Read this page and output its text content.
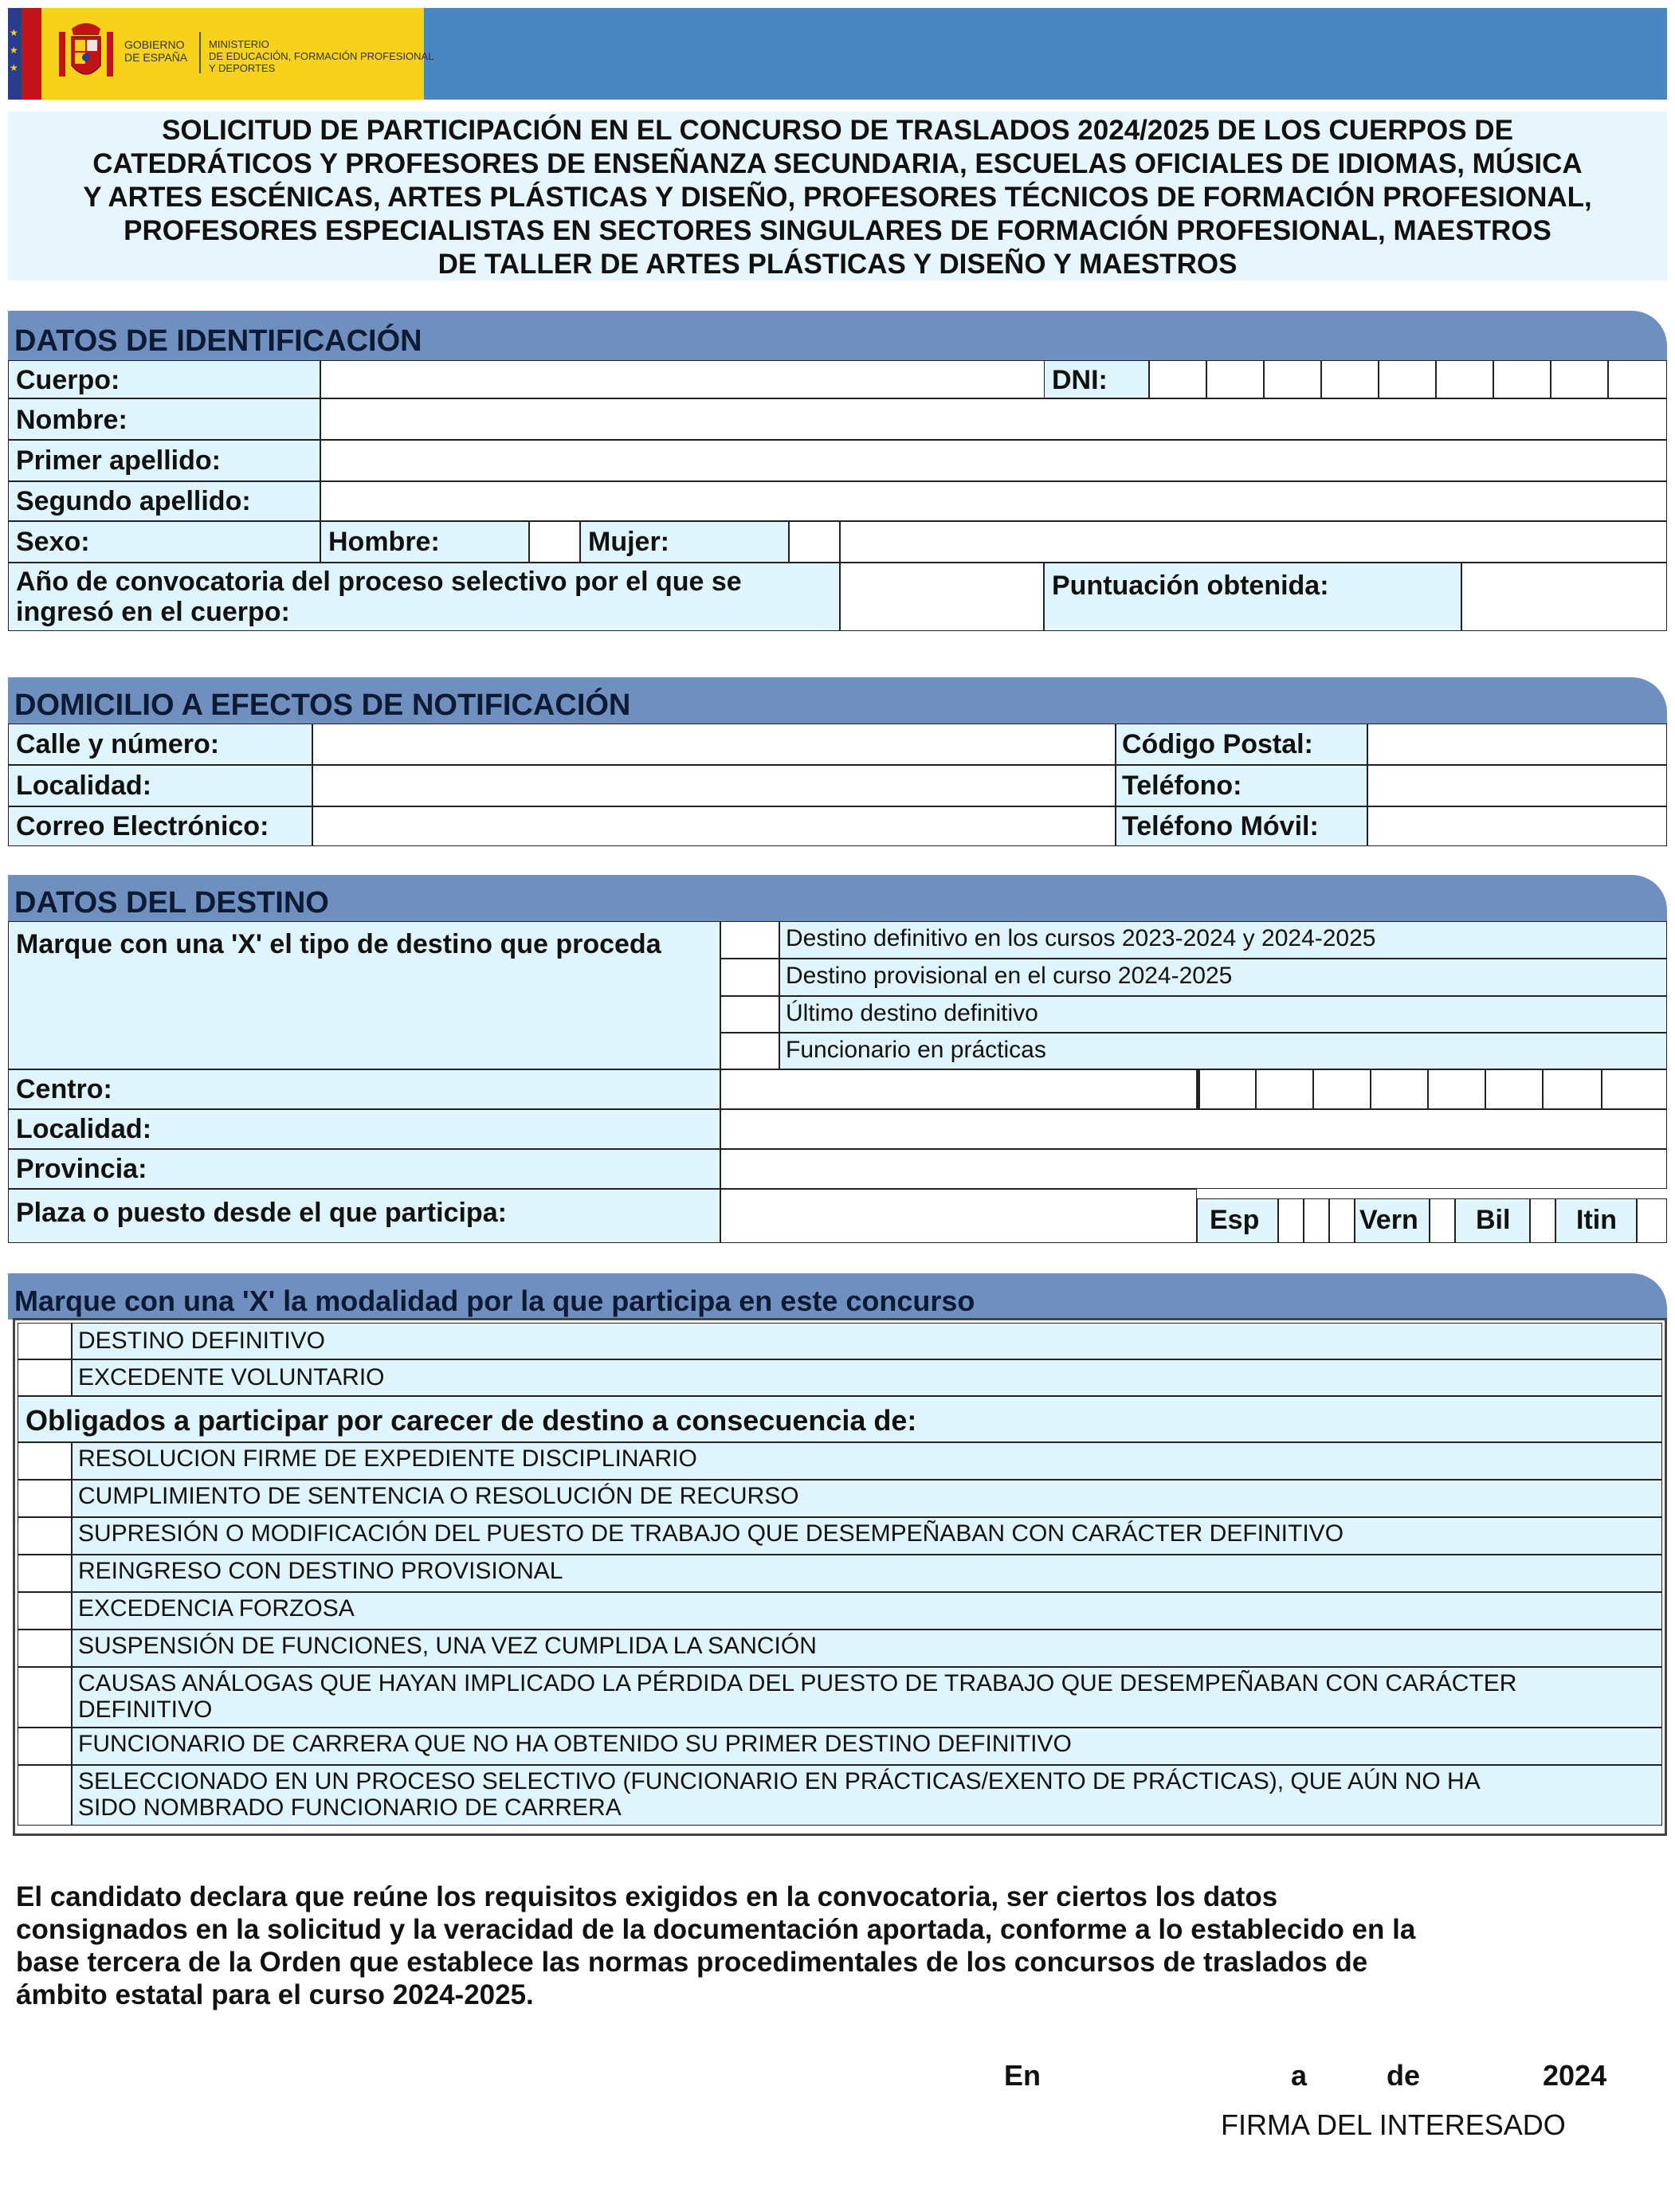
★
★
★
GOBIERNO
DE ESPAÑA
MINISTERIO
DE EDUCACIÓN, FORMACIÓN PROFESIONAL
Y DEPORTES
SOLICITUD DE PARTICIPACIÓN EN EL CONCURSO DE TRASLADOS 2024/2025 DE LOS CUERPOS DE
CATEDRÁTICOS Y PROFESORES DE ENSEÑANZA SECUNDARIA, ESCUELAS OFICIALES DE IDIOMAS, MÚSICA
Y ARTES ESCÉNICAS, ARTES PLÁSTICAS Y DISEÑO, PROFESORES TÉCNICOS DE FORMACIÓN PROFESIONAL,
PROFESORES ESPECIALISTAS EN SECTORES SINGULARES DE FORMACIÓN PROFESIONAL, MAESTROS
DE TALLER DE ARTES PLÁSTICAS Y DISEÑO Y MAESTROS
DATOS DE IDENTIFICACIÓN
Cuerpo:	DNI:
Nombre:
Primer apellido:
Segundo apellido:
Sexo:	Hombre:	Mujer:
Año de convocatoria del proceso selectivo por el que se
ingresó en el cuerpo:
Puntuación obtenida:
DOMICILIO A EFECTOS DE NOTIFICACIÓN
Calle y número:	Código Postal:
Localidad:	Teléfono:
Correo Electrónico:	Teléfono Móvil:
DATOS DEL DESTINO
Marque con una 'X' el tipo de destino que proceda	Destino definitivo en los cursos 2023-2024 y 2024-2025
Destino provisional en el curso 2024-2025
Último destino definitivo
Funcionario en prácticas
Centro:
Localidad:
Provincia:
Plaza o puesto desde el que participa:	Esp	Vern Bil Itin
Marque con una 'X' la modalidad por la que participa en este concurso
DESTINO DEFINITIVO
EXCEDENTE VOLUNTARIO
Obligados a participar por carecer de destino a consecuencia de:
RESOLUCION FIRME DE EXPEDIENTE DISCIPLINARIO
CUMPLIMIENTO DE SENTENCIA O RESOLUCIÓN DE RECURSO
SUPRESIÓN O MODIFICACIÓN DEL PUESTO DE TRABAJO QUE DESEMPEÑABAN CON CARÁCTER DEFINITIVO
REINGRESO CON DESTINO PROVISIONAL
EXCEDENCIA FORZOSA
SUSPENSIÓN DE FUNCIONES, UNA VEZ CUMPLIDA LA SANCIÓN
CAUSAS ANÁLOGAS QUE HAYAN IMPLICADO LA PÉRDIDA DEL PUESTO DE TRABAJO QUE DESEMPEÑABAN CON CARÁCTER
DEFINITIVO
FUNCIONARIO DE CARRERA QUE NO HA OBTENIDO SU PRIMER DESTINO DEFINITIVO
SELECCIONADO EN UN PROCESO SELECTIVO (FUNCIONARIO EN PRÁCTICAS/EXENTO DE PRÁCTICAS), QUE AÚN NO HA
SIDO NOMBRADO FUNCIONARIO DE CARRERA
El candidato declara que reúne los requisitos exigidos en la convocatoria, ser ciertos los datos
consignados en la solicitud y la veracidad de la documentación aportada, conforme a lo establecido en la
base tercera de la Orden que establece las normas procedimentales de los concursos de traslados de
ámbito estatal para el curso 2024-2025.
En	a	de	2024
FIRMA DEL INTERESADO
